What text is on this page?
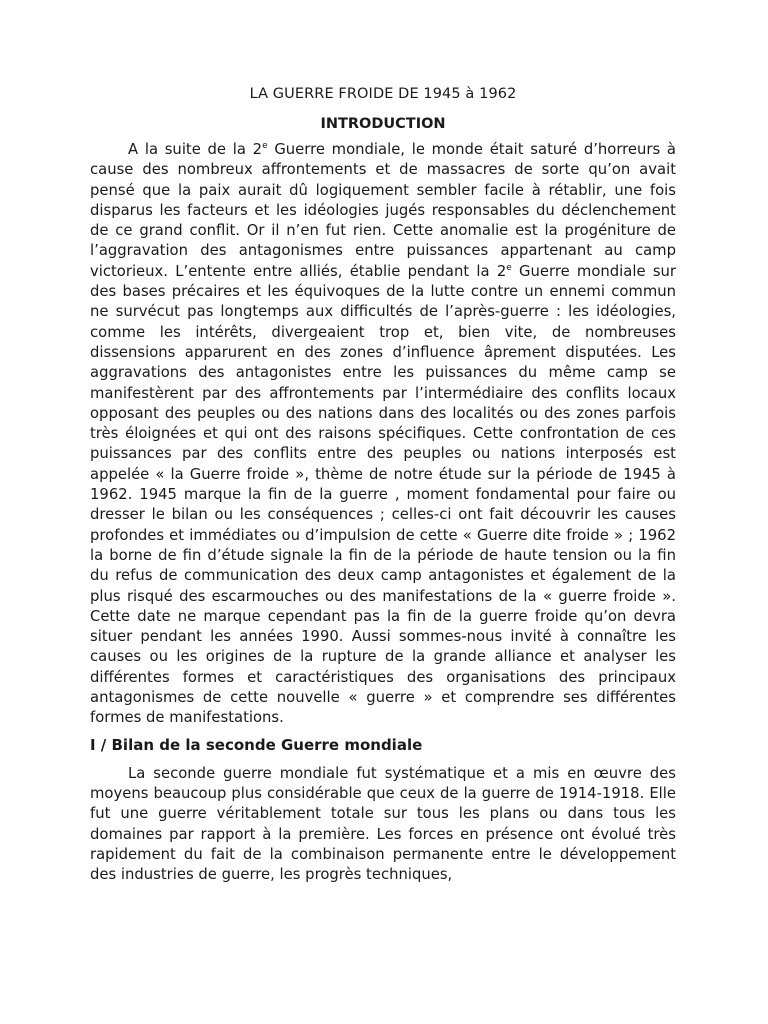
LA GUERRE FROIDE DE 1945 à 1962
INTRODUCTION

A la suite de la 2e Guerre mondiale, le monde était saturé d’horreurs à cause des nombreux affrontements et de massacres de sorte qu’on avait pensé que la paix aurait dû logiquement sembler facile à rétablir, une fois disparus les facteurs et les idéologies jugés responsables du déclenchement de ce grand conflit. Or il n’en fut rien. Cette anomalie est la progéniture de l’aggravation des antagonismes entre puissances appartenant au camp victorieux. L’entente entre alliés, établie pendant la 2e Guerre mondiale sur des bases précaires et les équivoques de la lutte contre un ennemi commun ne survécut pas longtemps aux difficultés de l’après-guerre : les idéologies, comme les intérêts, divergeaient trop et, bien vite, de nombreuses dissensions apparurent en des zones d’influence âprement disputées. Les aggravations des antagonistes entre les puissances du même camp se manifestèrent par des affrontements par l’intermédiaire des conflits locaux opposant des peuples ou des nations dans des localités ou des zones parfois très éloignées et qui ont des raisons spécifiques. Cette confrontation de ces puissances par des conflits entre des peuples ou nations interposés est appelée « la Guerre froide », thème de notre étude sur la période de 1945 à 1962. 1945 marque la fin de la guerre , moment fondamental pour faire ou dresser le bilan ou les conséquences ; celles-ci ont fait découvrir les causes profondes et immédiates ou d’impulsion de cette « Guerre dite froide » ; 1962 la borne de fin d’étude signale la fin de la période de haute tension ou la fin du refus de communication des deux camp antagonistes et également de la plus risqué des escarmouches ou des manifestations de la « guerre froide ». Cette date ne marque cependant pas la fin de la guerre froide qu’on devra situer pendant les années 1990. Aussi sommes-nous invité à connaître les causes ou les origines de la rupture de la grande alliance et analyser les différentes formes et caractéristiques des organisations des principaux antagonismes de cette nouvelle « guerre » et comprendre ses différentes formes de manifestations.

I / Bilan de la seconde Guerre mondiale

La seconde guerre mondiale fut systématique et a mis en œuvre des moyens beaucoup plus considérable que ceux de la guerre de 1914-1918. Elle fut une guerre véritablement totale sur tous les plans ou dans tous les domaines par rapport à la première. Les forces en présence ont évolué très rapidement du fait de la combinaison permanente entre le développement des industries de guerre, les progrès techniques,
